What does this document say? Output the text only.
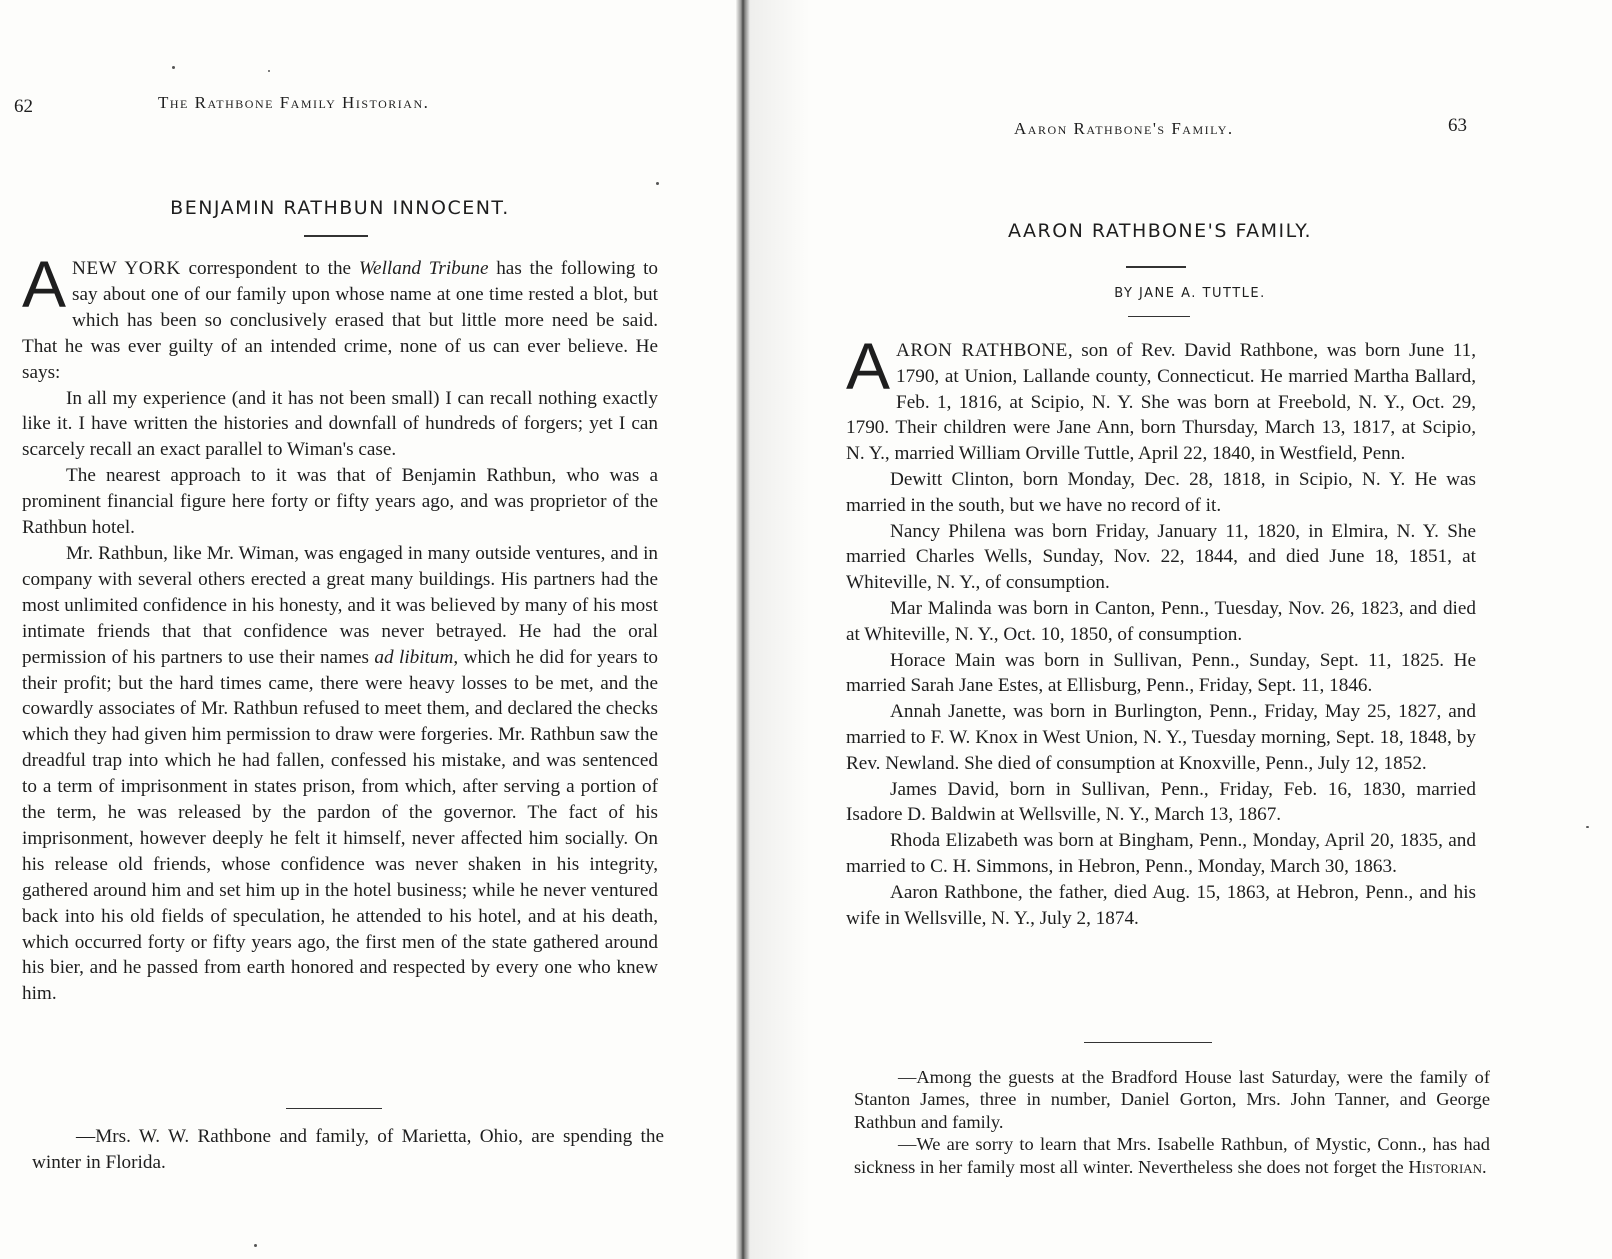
62	The Rathbone Family Historian.
BENJAMIN RATHBUN INNOCENT.

ANEW YORK correspondent to the Welland Tribune has the following to say about one of our family upon whose name at one time rested a blot, but which has been so conclusively erased that but little more need be said. That he was ever guilty of an intended crime, none of us can ever believe. He says:

In all my experience (and it has not been small) I can recall nothing exactly like it. I have written the histories and downfall of hundreds of forgers; yet I can scarcely recall an exact parallel to Wiman's case.

The nearest approach to it was that of Benjamin Rathbun, who was a prominent financial figure here forty or fifty years ago, and was proprietor of the Rathbun hotel.

Mr. Rathbun, like Mr. Wiman, was engaged in many outside ventures, and in company with several others erected a great many buildings. His partners had the most unlimited confidence in his honesty, and it was believed by many of his most intimate friends that that confidence was never betrayed. He had the oral permission of his partners to use their names ad libitum, which he did for years to their profit; but the hard times came, there were heavy losses to be met, and the cowardly associates of Mr. Rathbun refused to meet them, and declared the checks which they had given him permission to draw were forgeries. Mr. Rathbun saw the dreadful trap into which he had fallen, confessed his mistake, and was sentenced to a term of imprisonment in states prison, from which, after serving a portion of the term, he was released by the pardon of the governor. The fact of his imprisonment, however deeply he felt it himself, never affected him socially. On his release old friends, whose confidence was never shaken in his integrity, gathered around him and set him up in the hotel business; while he never ventured back into his old fields of speculation, he attended to his hotel, and at his death, which occurred forty or fifty years ago, the first men of the state gathered around his bier, and he passed from earth honored and respected by every one who knew him.

—Mrs. W. W. Rathbone and family, of Marietta, Ohio, are spending the winter in Florida.

Aaron Rathbone's Family.	63
AARON RATHBONE'S FAMILY.
BY JANE A. TUTTLE.

AARON RATHBONE, son of Rev. David Rathbone, was born June 11, 1790, at Union, Lallande county, Connecticut. He married Martha Ballard, Feb. 1, 1816, at Scipio, N. Y. She was born at Freebold, N. Y., Oct. 29, 1790. Their children were Jane Ann, born Thursday, March 13, 1817, at Scipio, N. Y., married William Orville Tuttle, April 22, 1840, in Westfield, Penn.

Dewitt Clinton, born Monday, Dec. 28, 1818, in Scipio, N. Y. He was married in the south, but we have no record of it.

Nancy Philena was born Friday, January 11, 1820, in Elmira, N. Y. She married Charles Wells, Sunday, Nov. 22, 1844, and died June 18, 1851, at Whiteville, N. Y., of consumption.

Mar Malinda was born in Canton, Penn., Tuesday, Nov. 26, 1823, and died at Whiteville, N. Y., Oct. 10, 1850, of consumption.

Horace Main was born in Sullivan, Penn., Sunday, Sept. 11, 1825. He married Sarah Jane Estes, at Ellisburg, Penn., Friday, Sept. 11, 1846.

Annah Janette, was born in Burlington, Penn., Friday, May 25, 1827, and married to F. W. Knox in West Union, N. Y., Tuesday morning, Sept. 18, 1848, by Rev. Newland. She died of consumption at Knoxville, Penn., July 12, 1852.

James David, born in Sullivan, Penn., Friday, Feb. 16, 1830, married Isadore D. Baldwin at Wellsville, N. Y., March 13, 1867.

Rhoda Elizabeth was born at Bingham, Penn., Monday, April 20, 1835, and married to C. H. Simmons, in Hebron, Penn., Monday, March 30, 1863.

Aaron Rathbone, the father, died Aug. 15, 1863, at Hebron, Penn., and his wife in Wellsville, N. Y., July 2, 1874.

—Among the guests at the Bradford House last Saturday, were the family of Stanton James, three in number, Daniel Gorton, Mrs. John Tanner, and George Rathbun and family.

—We are sorry to learn that Mrs. Isabelle Rathbun, of Mystic, Conn., has had sickness in her family most all winter. Nevertheless she does not forget the Historian.
